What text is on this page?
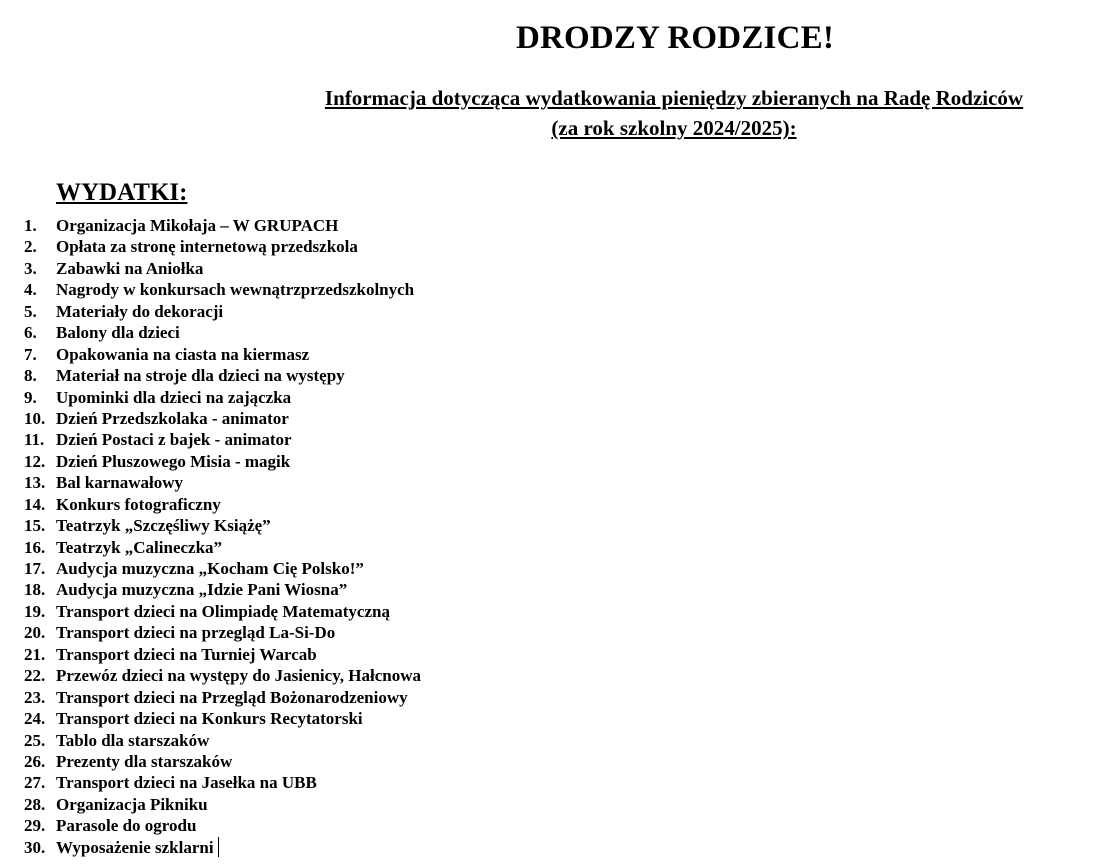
DRODZY RODZICE!
Informacja dotycząca wydatkowania pieniędzy zbieranych na Radę Rodziców
(za rok szkolny 2024/2025):
WYDATKI:
1. Organizacja Mikołaja – W GRUPACH
2. Opłata za stronę internetową przedszkola
3. Zabawki na Aniołka
4. Nagrody w konkursach wewnątrzprzedszkolnych
5. Materiały do dekoracji
6. Balony dla dzieci
7. Opakowania na ciasta na kiermasz
8. Materiał na stroje dla dzieci na występy
9. Upominki dla dzieci na zajączka
10. Dzień Przedszkolaka - animator
11. Dzień Postaci z bajek - animator
12. Dzień Pluszowego Misia - magik
13. Bal karnawałowy
14. Konkurs fotograficzny
15. Teatrzyk „Szczęśliwy Książę”
16. Teatrzyk „Calineczka”
17. Audycja muzyczna „Kocham Cię Polsko!”
18. Audycja muzyczna „Idzie Pani Wiosna”
19. Transport dzieci na Olimpiadę Matematyczną
20. Transport dzieci na przegląd La-Si-Do
21. Transport dzieci na Turniej Warcab
22. Przewóz dzieci na występy do Jasienicy, Hałcnowa
23. Transport dzieci na Przegląd Bożonarodzeniowy
24. Transport dzieci na Konkurs Recytatorski
25. Tablo dla starszaków
26. Prezenty dla starszaków
27. Transport dzieci na Jasełka na UBB
28. Organizacja Pikniku
29. Parasole do ogrodu
30. Wyposażenie szklarni
